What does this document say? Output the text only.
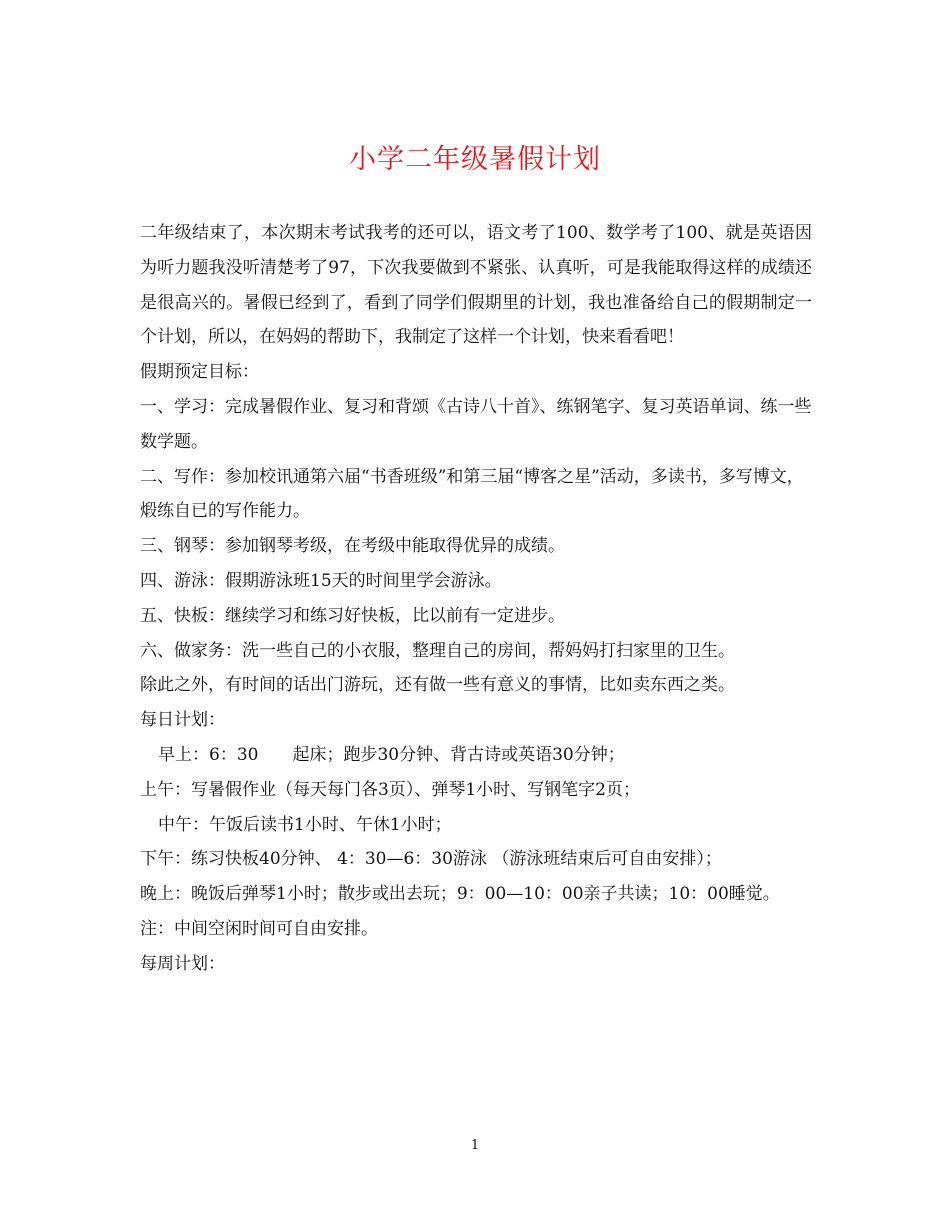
小学二年级暑假计划

二年级结束了，本次期末考试我考的还可以，语文考了100、数学考了100、就是英语因为听力题我没听清楚考了97，下次我要做到不紧张、认真听，可是我能取得这样的成绩还是很高兴的。暑假已经到了，看到了同学们假期里的计划，我也准备给自己的假期制定一个计划，所以，在妈妈的帮助下，我制定了这样一个计划，快来看看吧！

假期预定目标：

一、学习：完成暑假作业、复习和背颂《古诗八十首》、练钢笔字、复习英语单词、练一些数学题。

二、写作：参加校讯通第六届“书香班级”和第三届“博客之星”活动，多读书，多写博文，煅练自已的写作能力。

三、钢琴：参加钢琴考级，在考级中能取得优异的成绩。

四、游泳：假期游泳班15天的时间里学会游泳。

五、快板：继续学习和练习好快板，比以前有一定进步。

六、做家务：洗一些自己的小衣服，整理自己的房间，帮妈妈打扫家里的卫生。

除此之外，有时间的话出门游玩，还有做一些有意义的事情，比如卖东西之类。

每日计划：

早上：6：30　　起床；跑步30分钟、背古诗或英语30分钟；

上午：写暑假作业（每天每门各3页）、弹琴1小时、写钢笔字2页；

中午：午饭后读书1小时、午休1小时；

下午：练习快板40分钟、 4：30—6：30游泳 （游泳班结束后可自由安排）；

晚上：晚饭后弹琴1小时；散步或出去玩；9：00—10：00亲子共读；10：00睡觉。

注：中间空闲时间可自由安排。

每周计划：

1
